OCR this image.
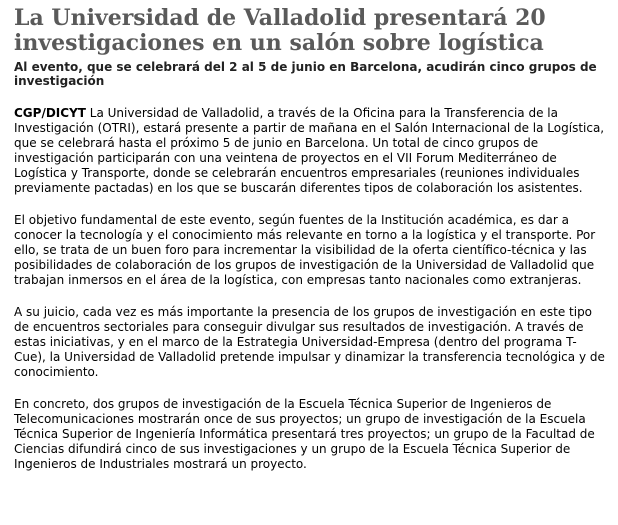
La Universidad de Valladolid presentará 20 investigaciones en un salón sobre logística
Al evento, que se celebrará del 2 al 5 de junio en Barcelona, acudirán cinco grupos de investigación

CGP/DICYT La Universidad de Valladolid, a través de la Oficina para la Transferencia de la Investigación (OTRI), estará presente a partir de mañana en el Salón Internacional de la Logística, que se celebrará hasta el próximo 5 de junio en Barcelona. Un total de cinco grupos de investigación participarán con una veintena de proyectos en el VII Forum Mediterráneo de Logística y Transporte, donde se celebrarán encuentros empresariales (reuniones individuales previamente pactadas) en los que se buscarán diferentes tipos de colaboración los asistentes.

El objetivo fundamental de este evento, según fuentes de la Institución académica, es dar a conocer la tecnología y el conocimiento más relevante en torno a la logística y el transporte. Por ello, se trata de un buen foro para incrementar la visibilidad de la oferta científico-técnica y las posibilidades de colaboración de los grupos de investigación de la Universidad de Valladolid que trabajan inmersos en el área de la logística, con empresas tanto nacionales como extranjeras.

A su juicio, cada vez es más importante la presencia de los grupos de investigación en este tipo de encuentros sectoriales para conseguir divulgar sus resultados de investigación. A través de estas iniciativas, y en el marco de la Estrategia Universidad-Empresa (dentro del programa T-Cue), la Universidad de Valladolid pretende impulsar y dinamizar la transferencia tecnológica y de conocimiento.

En concreto, dos grupos de investigación de la Escuela Técnica Superior de Ingenieros de Telecomunicaciones mostrarán once de sus proyectos; un grupo de investigación de la Escuela Técnica Superior de Ingeniería Informática presentará tres proyectos; un grupo de la Facultad de Ciencias difundirá cinco de sus investigaciones y un grupo de la Escuela Técnica Superior de Ingenieros de Industriales mostrará un proyecto.
